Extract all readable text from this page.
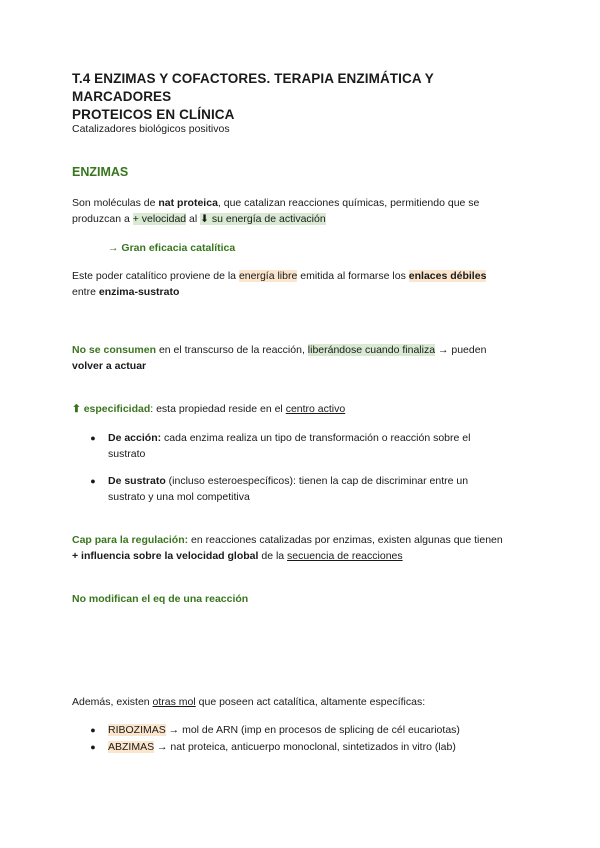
T.4 ENZIMAS Y COFACTORES. TERAPIA ENZIMÁTICA Y MARCADORES
PROTEICOS EN CLÍNICA
Catalizadores biológicos positivos
ENZIMAS
Son moléculas de nat proteica, que catalizan reacciones químicas, permitiendo que se
produzcan a + velocidad al ⬇ su energía de activación
→ Gran eficacia catalítica
Este poder catalítico proviene de la energía libre emitida al formarse los enlaces débiles
entre enzima-sustrato
No se consumen en el transcurso de la reacción, liberándose cuando finaliza → pueden
volver a actuar
⬆ especificidad: esta propiedad reside en el centro activo
● De acción: cada enzima realiza un tipo de transformación o reacción sobre el
sustrato
● De sustrato (incluso esteroespecíficos): tienen la cap de discriminar entre un
sustrato y una mol competitiva
Cap para la regulación: en reacciones catalizadas por enzimas, existen algunas que tienen
+ influencia sobre la velocidad global de la secuencia de reacciones
No modifican el eq de una reacción
Además, existen otras mol que poseen act catalítica, altamente específicas:
● RIBOZIMAS → mol de ARN (imp en procesos de splicing de cél eucariotas)
● ABZIMAS → nat proteica, anticuerpo monoclonal, sintetizados in vitro (lab)
